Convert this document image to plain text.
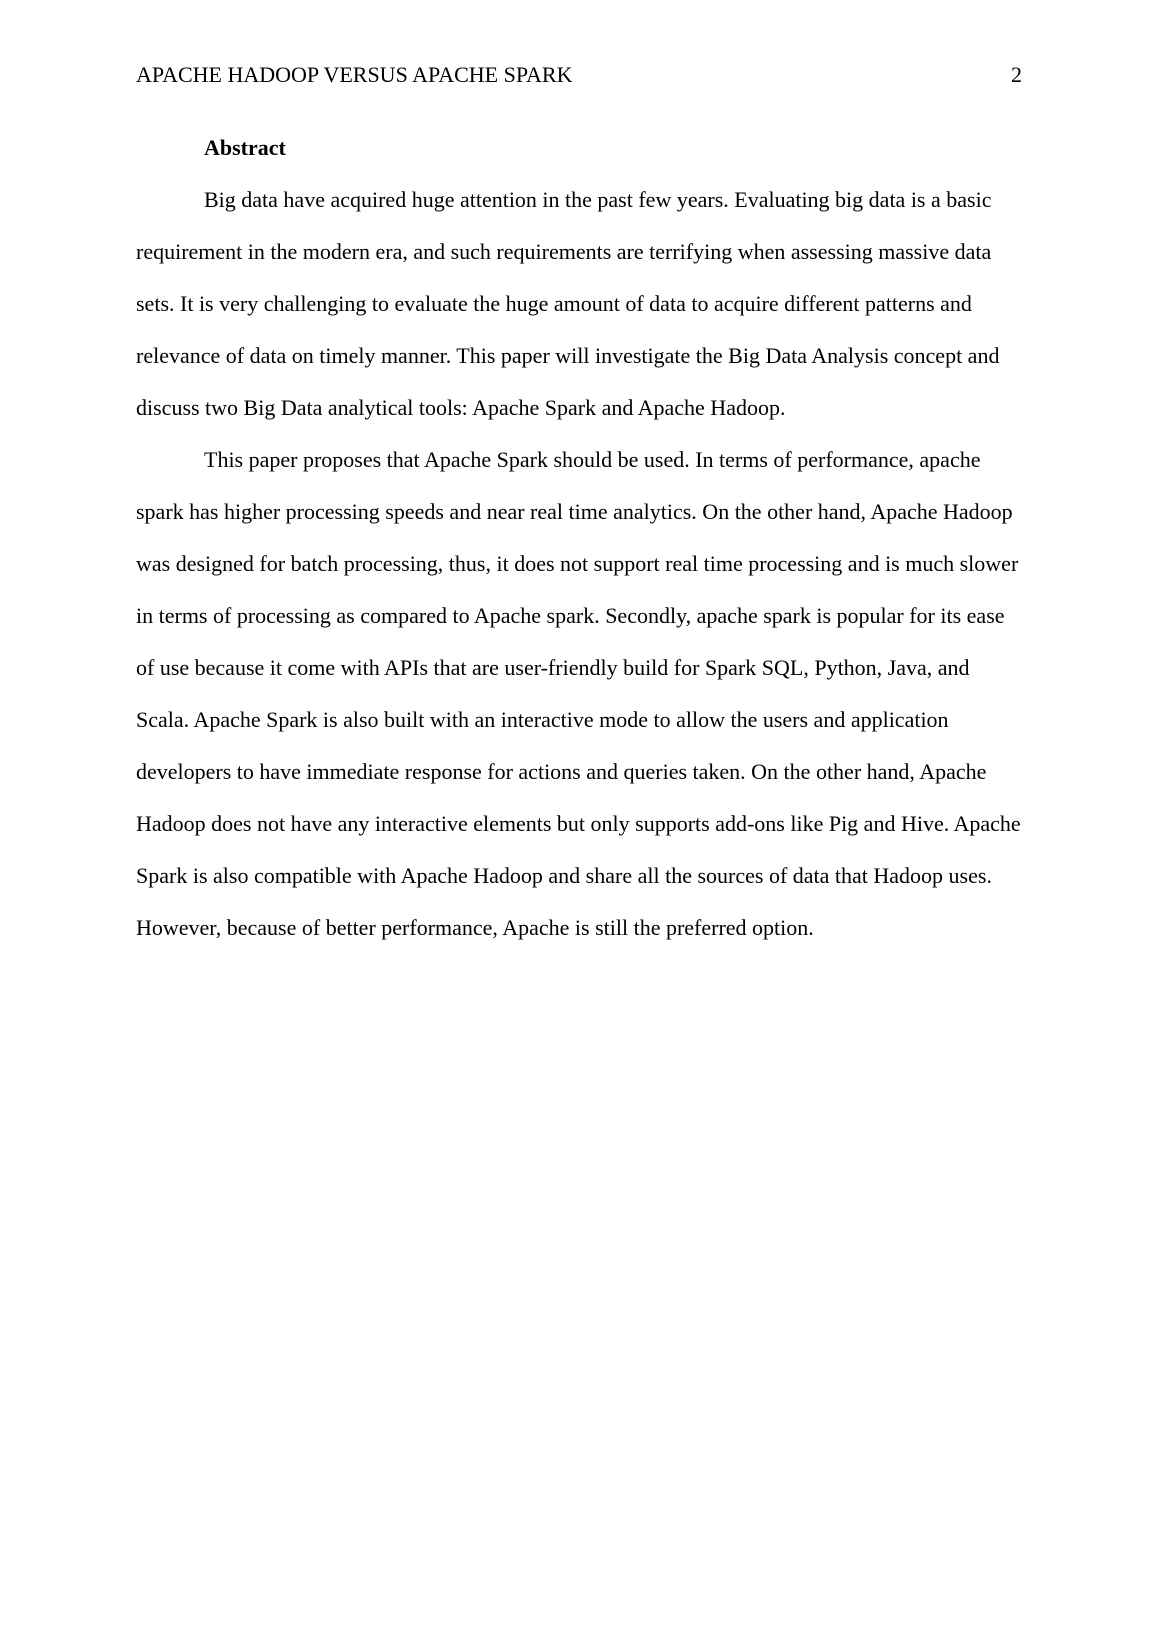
APACHE HADOOP VERSUS APACHE SPARK	2
Abstract

Big data have acquired huge attention in the past few years. Evaluating big data is a basic requirement in the modern era, and such requirements are terrifying when assessing massive data sets. It is very challenging to evaluate the huge amount of data to acquire different patterns and relevance of data on timely manner. This paper will investigate the Big Data Analysis concept and discuss two Big Data analytical tools: Apache Spark and Apache Hadoop.

This paper proposes that Apache Spark should be used. In terms of performance, apache spark has higher processing speeds and near real time analytics. On the other hand, Apache Hadoop was designed for batch processing, thus, it does not support real time processing and is much slower in terms of processing as compared to Apache spark. Secondly, apache spark is popular for its ease of use because it come with APIs that are user-friendly build for Spark SQL, Python, Java, and Scala. Apache Spark is also built with an interactive mode to allow the users and application developers to have immediate response for actions and queries taken. On the other hand, Apache Hadoop does not have any interactive elements but only supports add-ons like Pig and Hive. Apache Spark is also compatible with Apache Hadoop and share all the sources of data that Hadoop uses. However, because of better performance, Apache is still the preferred option.
